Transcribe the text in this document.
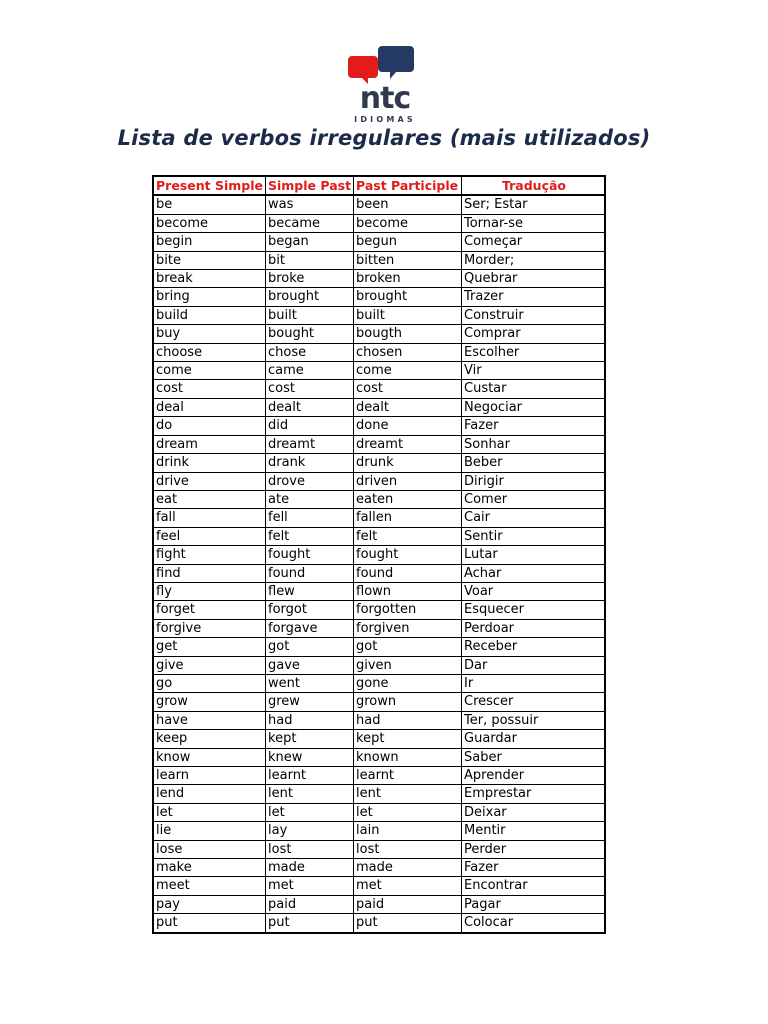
ntc
IDIOMAS
Lista de verbos irregulares (mais utilizados)
Present Simple	Simple Past	Past Participle	Tradução
be	was	been	Ser; Estar
become	became	become	Tornar-se
begin	began	begun	Começar
bite	bit	bitten	Morder;
break	broke	broken	Quebrar
bring	brought	brought	Trazer
build	built	built	Construir
buy	bought	bougth	Comprar
choose	chose	chosen	Escolher
come	came	come	Vir
cost	cost	cost	Custar
deal	dealt	dealt	Negociar
do	did	done	Fazer
dream	dreamt	dreamt	Sonhar
drink	drank	drunk	Beber
drive	drove	driven	Dirigir
eat	ate	eaten	Comer
fall	fell	fallen	Cair
feel	felt	felt	Sentir
fight	fought	fought	Lutar
find	found	found	Achar
fly	flew	flown	Voar
forget	forgot	forgotten	Esquecer
forgive	forgave	forgiven	Perdoar
get	got	got	Receber
give	gave	given	Dar
go	went	gone	Ir
grow	grew	grown	Crescer
have	had	had	Ter, possuir
keep	kept	kept	Guardar
know	knew	known	Saber
learn	learnt	learnt	Aprender
lend	lent	lent	Emprestar
let	let	let	Deixar
lie	lay	lain	Mentir
lose	lost	lost	Perder
make	made	made	Fazer
meet	met	met	Encontrar
pay	paid	paid	Pagar
put	put	put	Colocar
